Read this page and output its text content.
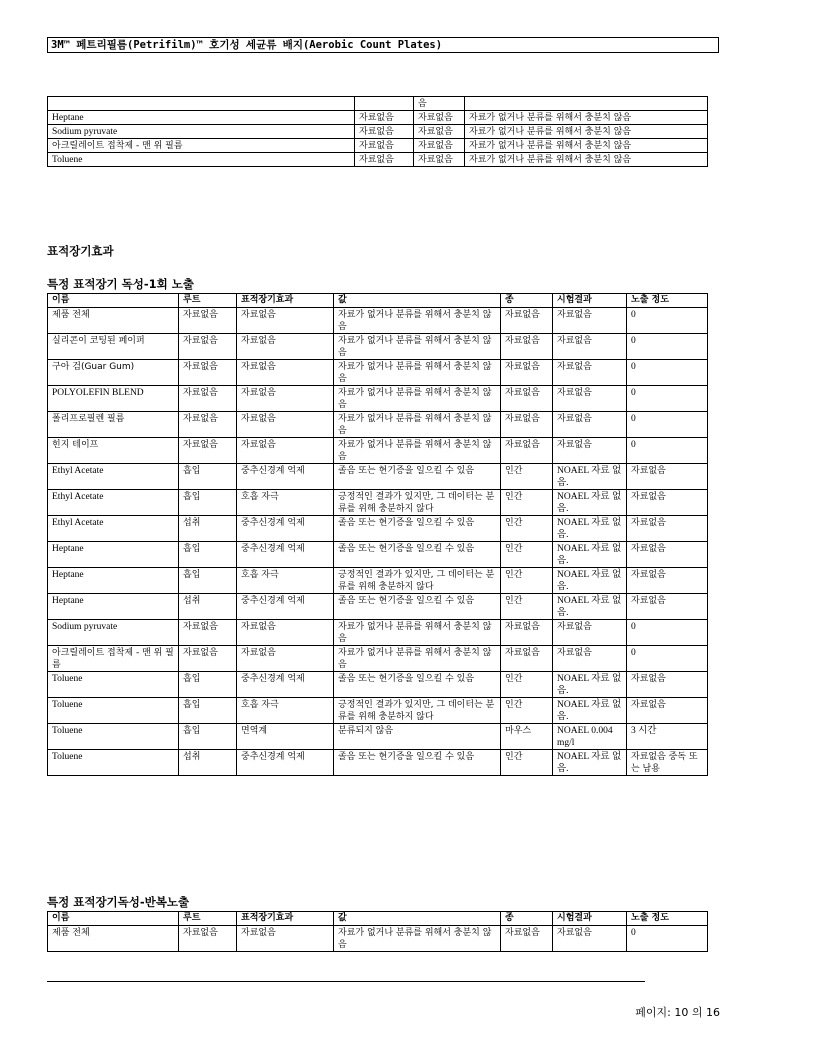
3M™ 페트리필름(Petrifilm)™ 호기성 세균류 배지(Aerobic Count Plates)
		음	
Heptane	자료없음	자료없음	자료가 없거나 분류를 위해서 충분치 않음
Sodium pyruvate	자료없음	자료없음	자료가 없거나 분류를 위해서 충분치 않음
아크릴레이트 접착제 - 맨 위 필름	자료없음	자료없음	자료가 없거나 분류를 위해서 충분치 않음
Toluene	자료없음	자료없음	자료가 없거나 분류를 위해서 충분치 않음
표적장기효과
특정 표적장기 독성-1회 노출
이름	루트	표적장기효과	값	종	시험결과	노출 정도
제품 전체	자료없음	자료없음	자료가 없거나 분류를 위해서 충분치 않음	자료없음	자료없음	0
실리콘이 코팅된 페이퍼	자료없음	자료없음	자료가 없거나 분류를 위해서 충분치 않음	자료없음	자료없음	0
구아 검(Guar Gum)	자료없음	자료없음	자료가 없거나 분류를 위해서 충분치 않음	자료없음	자료없음	0
POLYOLEFIN BLEND	자료없음	자료없음	자료가 없거나 분류를 위해서 충분치 않음	자료없음	자료없음	0
폴리프로필렌 필름	자료없음	자료없음	자료가 없거나 분류를 위해서 충분치 않음	자료없음	자료없음	0
힌지 테이프	자료없음	자료없음	자료가 없거나 분류를 위해서 충분치 않음	자료없음	자료없음	0
Ethyl Acetate	흡입	중추신경계 억제	졸음 또는 현기증을 일으킬 수 있음	인간	NOAEL 자료 없음.	자료없음
Ethyl Acetate	흡입	호흡 자극	긍정적인 결과가 있지만, 그 데이터는 분류를 위해 충분하지 않다	인간	NOAEL 자료 없음.	자료없음
Ethyl Acetate	섭취	중추신경계 억제	졸음 또는 현기증을 일으킬 수 있음	인간	NOAEL 자료 없음.	자료없음
Heptane	흡입	중추신경계 억제	졸음 또는 현기증을 일으킬 수 있음	인간	NOAEL 자료 없음.	자료없음
Heptane	흡입	호흡 자극	긍정적인 결과가 있지만, 그 데이터는 분류를 위해 충분하지 않다	인간	NOAEL 자료 없음.	자료없음
Heptane	섭취	중추신경계 억제	졸음 또는 현기증을 일으킬 수 있음	인간	NOAEL 자료 없음.	자료없음
Sodium pyruvate	자료없음	자료없음	자료가 없거나 분류를 위해서 충분치 않음	자료없음	자료없음	0
아크릴레이트 접착제 - 맨 위 필름	자료없음	자료없음	자료가 없거나 분류를 위해서 충분치 않음	자료없음	자료없음	0
Toluene	흡입	중추신경계 억제	졸음 또는 현기증을 일으킬 수 있음	인간	NOAEL 자료 없음.	자료없음
Toluene	흡입	호흡 자극	긍정적인 결과가 있지만, 그 데이터는 분류를 위해 충분하지 않다	인간	NOAEL 자료 없음.	자료없음
Toluene	흡입	면역계	분류되지 않음	마우스	NOAEL 0.004 mg/l	3 시간
Toluene	섭취	중추신경계 억제	졸음 또는 현기증을 일으킬 수 있음	인간	NOAEL 자료 없음.	자료없음 중독 또는 남용
특정 표적장기독성-반복노출
이름	루트	표적장기효과	값	종	시험결과	노출 정도
제품 전체	자료없음	자료없음	자료가 없거나 분류를 위해서 충분치 않음	자료없음	자료없음	0
페이지: 10 의 16
